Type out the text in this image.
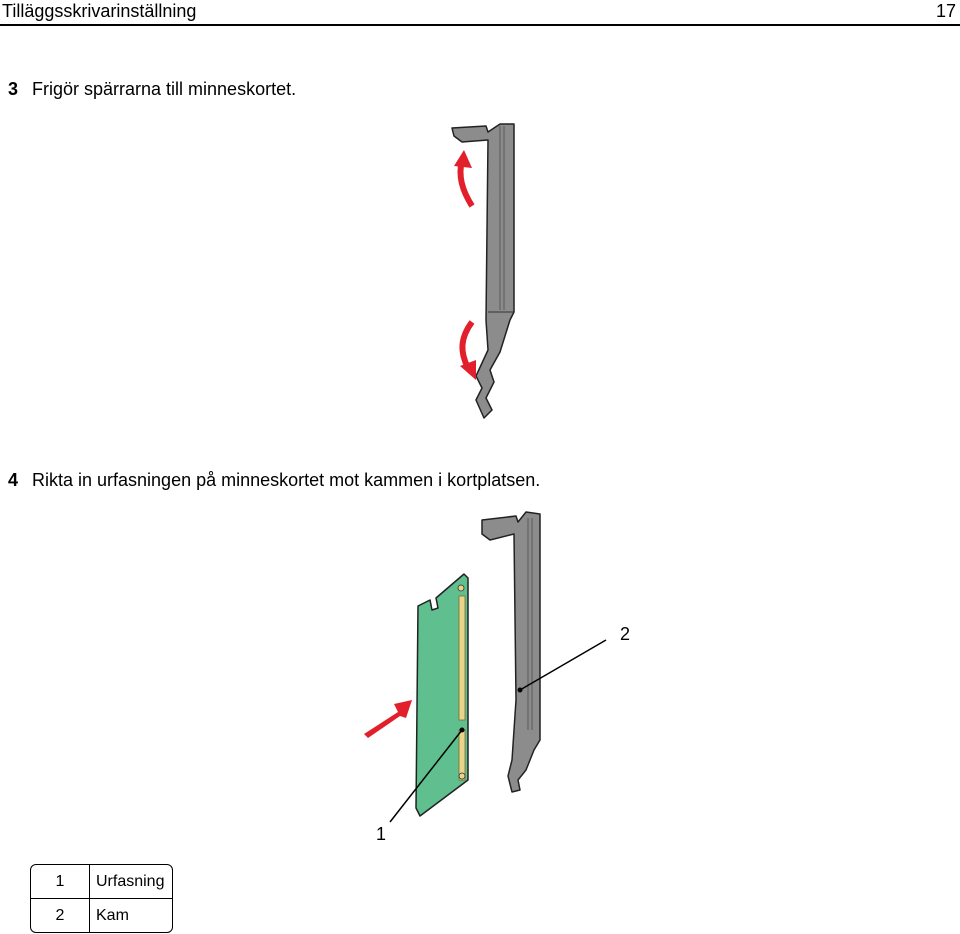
Tilläggsskrivarinställning	17
3 Frigör spärrarna till minneskortet.
4 Rikta in urfasningen på minneskortet mot kammen i kortplatsen.
2
1
1	Urfasning
2	Kam
